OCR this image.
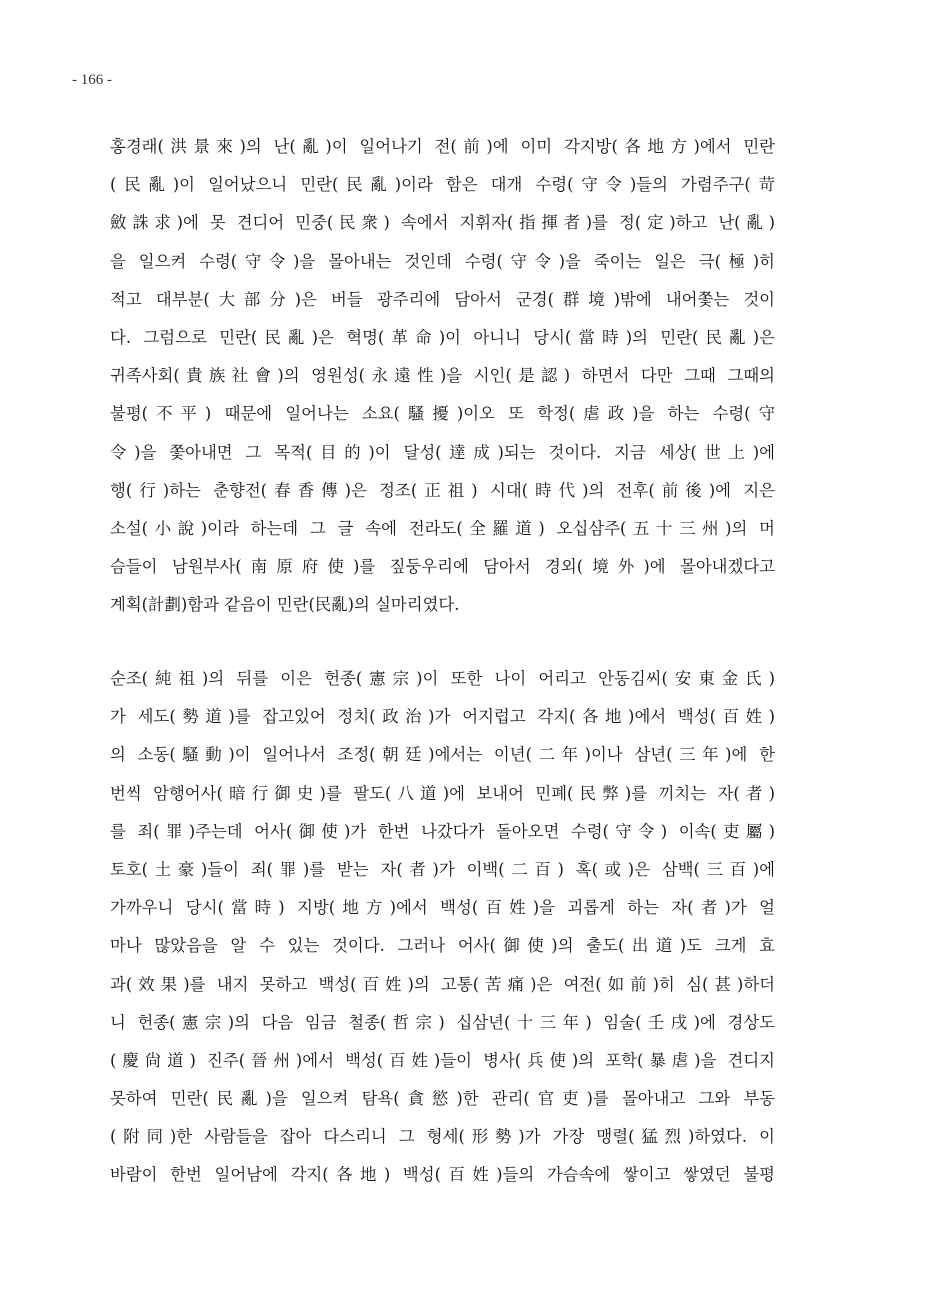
- 166 -
홍경래(洪景來)의 난(亂)이 일어나기 전(前)에 이미 각지방(各地方)에서 민란
(民亂)이 일어났으니 민란(民亂)이라 함은 대개 수령(守令)들의 가렴주구(苛
斂誅求)에 못 견디어 민중(民衆) 속에서 지휘자(指揮者)를 정(定)하고 난(亂)
을 일으켜 수령(守令)을 몰아내는 것인데 수령(守令)을 죽이는 일은 극(極)히
적고 대부분(大部分)은 버들 광주리에 담아서 군경(群境)밖에 내어쫓는 것이
다. 그럼으로 민란(民亂)은 혁명(革命)이 아니니 당시(當時)의 민란(民亂)은
귀족사회(貴族社會)의 영원성(永遠性)을 시인(是認) 하면서 다만 그때 그때의
불평(不平) 때문에 일어나는 소요(騷擾)이오 또 학정(虐政)을 하는 수령(守
令)을 쫓아내면 그 목적(目的)이 달성(達成)되는 것이다. 지금 세상(世上)에
행(行)하는 춘향전(春香傳)은 정조(正祖) 시대(時代)의 전후(前後)에 지은
소설(小說)이라 하는데 그 글 속에 전라도(全羅道) 오십삼주(五十三州)의 머
슴들이 남원부사(南原府使)를 짚둥우리에 담아서 경외(境外)에 몰아내겠다고
계획(計劃)함과 같음이 민란(民亂)의 실마리였다.
순조(純祖)의 뒤를 이은 헌종(憲宗)이 또한 나이 어리고 안동김씨(安東金氏)
가 세도(勢道)를 잡고있어 정치(政治)가 어지럽고 각지(各地)에서 백성(百姓)
의 소동(騷動)이 일어나서 조정(朝廷)에서는 이년(二年)이나 삼년(三年)에 한
번씩 암행어사(暗行御史)를 팔도(八道)에 보내어 민폐(民弊)를 끼치는 자(者)
를 죄(罪)주는데 어사(御使)가 한번 나갔다가 돌아오면 수령(守令) 이속(吏屬)
토호(土豪)들이 죄(罪)를 받는 자(者)가 이백(二百) 혹(或)은 삼백(三百)에
가까우니 당시(當時) 지방(地方)에서 백성(百姓)을 괴롭게 하는 자(者)가 얼
마나 많았음을 알 수 있는 것이다. 그러나 어사(御使)의 출도(出道)도 크게 효
과(效果)를 내지 못하고 백성(百姓)의 고통(苦痛)은 여전(如前)히 심(甚)하더
니 헌종(憲宗)의 다음 임금 철종(哲宗) 십삼년(十三年) 임술(壬戌)에 경상도
(慶尙道) 진주(晉州)에서 백성(百姓)들이 병사(兵使)의 포학(暴虐)을 견디지
못하여 민란(民亂)을 일으켜 탐욕(貪慾)한 관리(官吏)를 몰아내고 그와 부동
(附同)한 사람들을 잡아 다스리니 그 형세(形勢)가 가장 맹렬(猛烈)하였다. 이
바람이 한번 일어남에 각지(各地) 백성(百姓)들의 가슴속에 쌓이고 쌓였던 불평
